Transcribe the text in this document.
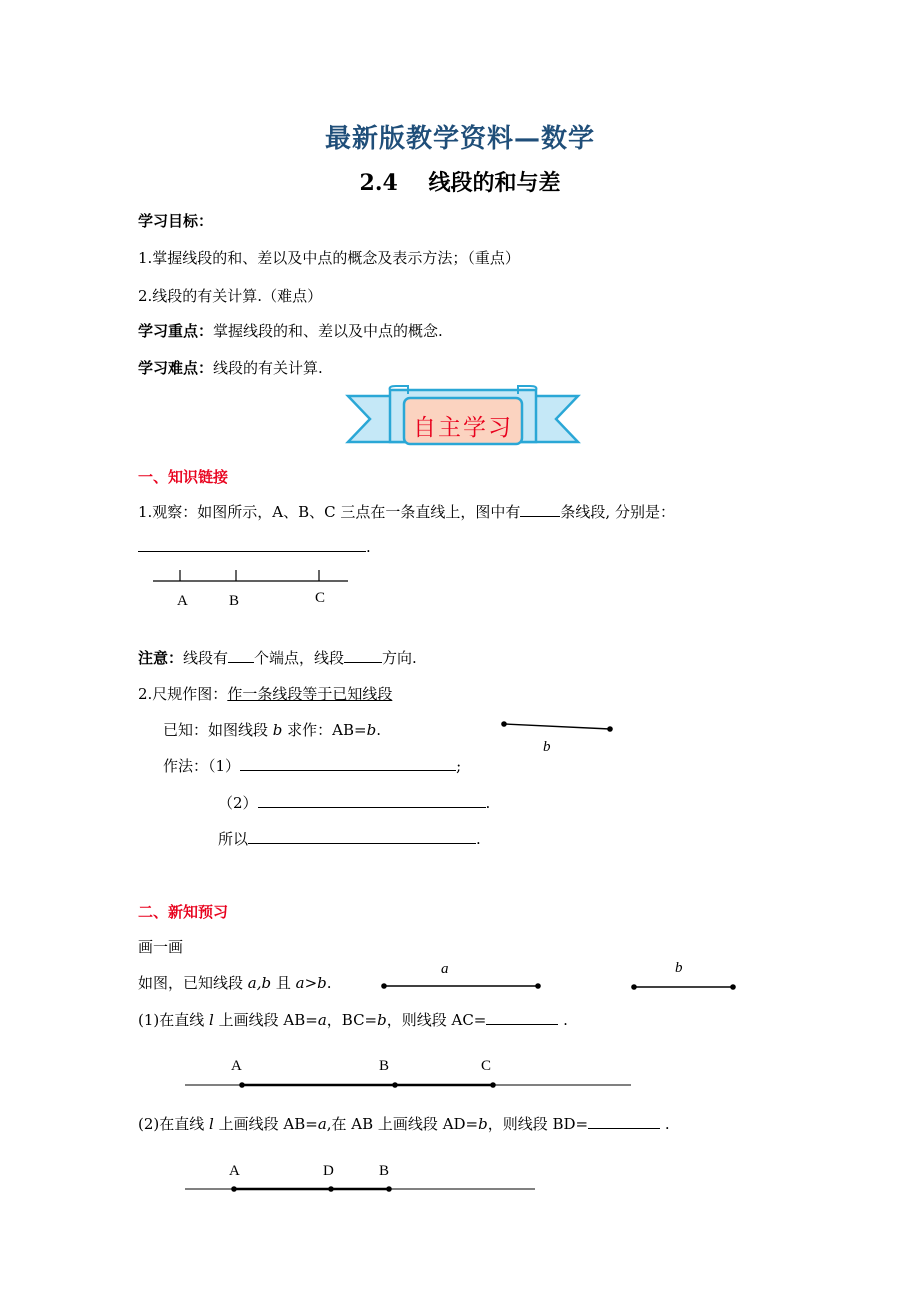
最新版教学资料—数学
2.4 线段的和与差
学习目标：
1.掌握线段的和、差以及中点的概念及表示方法；（重点）
2.线段的有关计算.（难点）
学习重点：掌握线段的和、差以及中点的概念.
学习难点：线段的有关计算.
自主学习
一、知识链接
1.观察：如图所示，A、B、C 三点在一条直线上，图中有	条线段, 分别是：
.
A	B	C
注意：线段有 个端点，线段	方向.
2.尺规作图：作一条线段等于已知线段
已知：如图线段 b 求作：AB=b.
b
作法：（1）	;
（2）	.
所以	.
二、新知预习
画一画
如图，已知线段 a,b 且 a>b.
a	b
(1)在直线 l 上画线段 AB=a，BC=b，则线段 AC=	.
A	B	C
(2)在直线 l 上画线段 AB=a,在 AB 上画线段 AD=b，则线段 BD=	.
A	D	B
